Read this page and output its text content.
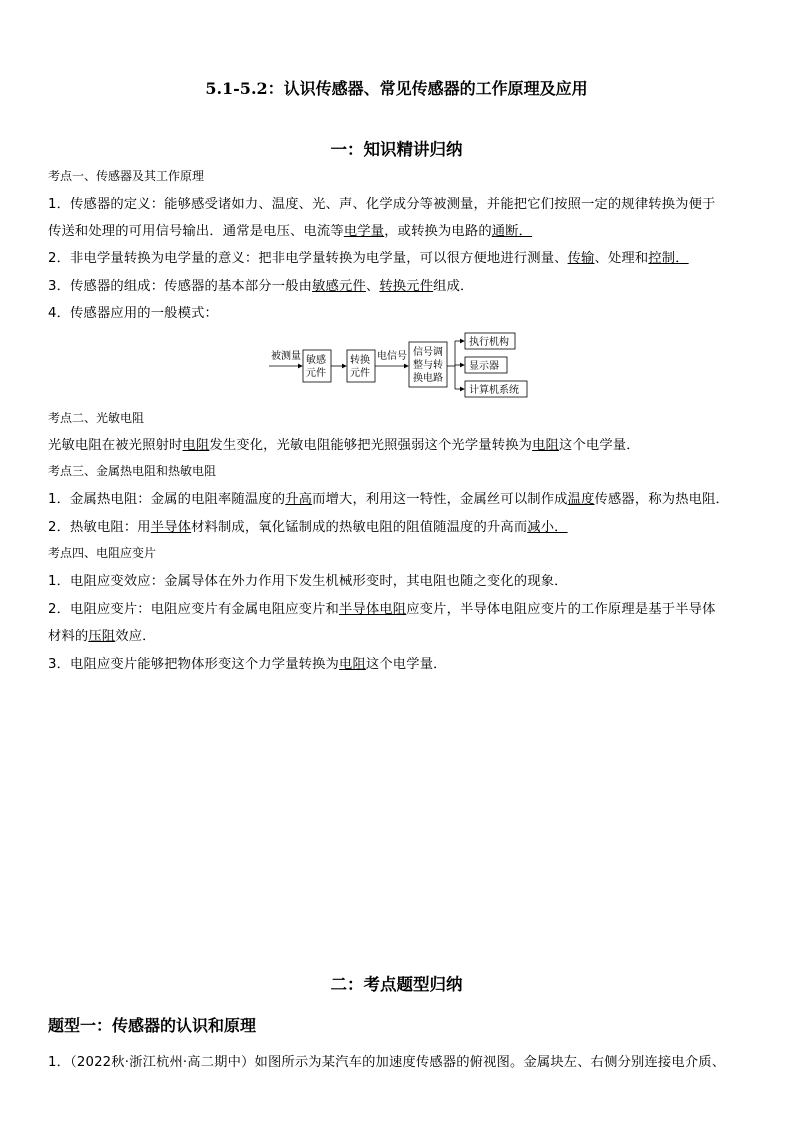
5.1-5.2：认识传感器、常见传感器的工作原理及应用
一：知识精讲归纳
考点一、传感器及其工作原理
1．传感器的定义：能够感受诸如力、温度、光、声、化学成分等被测量，并能把它们按照一定的规律转换为便于
传送和处理的可用信号输出．通常是电压、电流等电学量，或转换为电路的通断．
2．非电学量转换为电学量的意义：把非电学量转换为电学量，可以很方便地进行测量、传输、处理和控制．
3．传感器的组成：传感器的基本部分一般由敏感元件、转换元件组成．
4．传感器应用的一般模式：
被测量 敏感
元件
转换
元件
电信号 信号调
整与转
换电路
执行机构
显示器
计算机系统
考点二、光敏电阻
光敏电阻在被光照射时电阻发生变化，光敏电阻能够把光照强弱这个光学量转换为电阻这个电学量．
考点三、金属热电阻和热敏电阻
1．金属热电阻：金属的电阻率随温度的升高而增大，利用这一特性，金属丝可以制作成温度传感器，称为热电阻．
2．热敏电阻：用半导体材料制成，氧化锰制成的热敏电阻的阻值随温度的升高而减小．
考点四、电阻应变片
1．电阻应变效应：金属导体在外力作用下发生机械形变时，其电阻也随之变化的现象．
2．电阻应变片：电阻应变片有金属电阻应变片和半导体电阻应变片，半导体电阻应变片的工作原理是基于半导体
材料的压阻效应．
3．电阻应变片能够把物体形变这个力学量转换为电阻这个电学量．
二：考点题型归纳
题型一：传感器的认识和原理
1．（2022秋·浙江杭州·高二期中）如图所示为某汽车的加速度传感器的俯视图。金属块左、右侧分别连接电介质、
